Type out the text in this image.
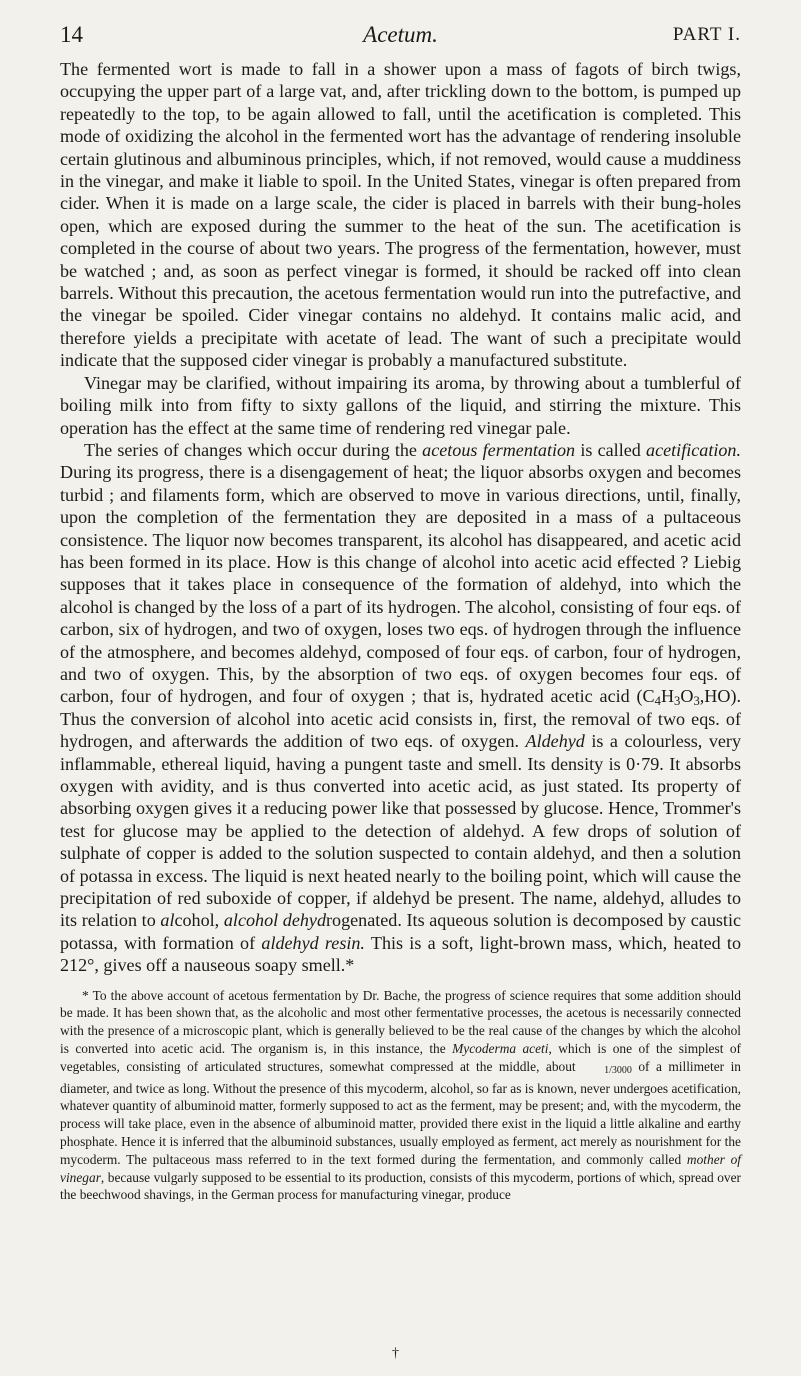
14	Acetum.	PART I.

The fermented wort is made to fall in a shower upon a mass of fagots of birch twigs, occupying the upper part of a large vat, and, after trickling down to the bottom, is pumped up repeatedly to the top, to be again allowed to fall, until the acetification is completed. This mode of oxidizing the alcohol in the fermented wort has the advantage of rendering insoluble certain glutinous and albuminous principles, which, if not removed, would cause a muddiness in the vinegar, and make it liable to spoil. In the United States, vinegar is often prepared from cider. When it is made on a large scale, the cider is placed in barrels with their bung-holes open, which are exposed during the summer to the heat of the sun. The acetification is completed in the course of about two years. The progress of the fermentation, however, must be watched ; and, as soon as perfect vinegar is formed, it should be racked off into clean barrels. Without this precaution, the acetous fermentation would run into the putrefactive, and the vinegar be spoiled. Cider vinegar contains no aldehyd. It contains malic acid, and therefore yields a precipitate with acetate of lead. The want of such a precipitate would indicate that the supposed cider vinegar is probably a manufactured substitute.

Vinegar may be clarified, without impairing its aroma, by throwing about a tumblerful of boiling milk into from fifty to sixty gallons of the liquid, and stirring the mixture. This operation has the effect at the same time of rendering red vinegar pale.

The series of changes which occur during the acetous fermentation is called acetification. During its progress, there is a disengagement of heat; the liquor absorbs oxygen and becomes turbid ; and filaments form, which are observed to move in various directions, until, finally, upon the completion of the fermentation they are deposited in a mass of a pultaceous consistence. The liquor now becomes transparent, its alcohol has disappeared, and acetic acid has been formed in its place. How is this change of alcohol into acetic acid effected ? Liebig supposes that it takes place in consequence of the formation of aldehyd, into which the alcohol is changed by the loss of a part of its hydrogen. The alcohol, consisting of four eqs. of carbon, six of hydrogen, and two of oxygen, loses two eqs. of hydrogen through the influence of the atmosphere, and becomes aldehyd, composed of four eqs. of carbon, four of hydrogen, and two of oxygen. This, by the absorption of two eqs. of oxygen becomes four eqs. of carbon, four of hydrogen, and four of oxygen ; that is, hydrated acetic acid $(C_4H_3O_3,HO)$. Thus the conversion of alcohol into acetic acid consists in, first, the removal of two eqs. of hydrogen, and afterwards the addition of two eqs. of oxygen. Aldehyd is a colourless, very inflammable, ethereal liquid, having a pungent taste and smell. Its density is 0·79. It absorbs oxygen with avidity, and is thus converted into acetic acid, as just stated. Its property of absorbing oxygen gives it a reducing power like that possessed by glucose. Hence, Trommer's test for glucose may be applied to the detection of aldehyd. A few drops of solution of sulphate of copper is added to the solution suspected to contain aldehyd, and then a solution of potassa in excess. The liquid is next heated nearly to the boiling point, which will cause the precipitation of red suboxide of copper, if aldehyd be present. The name, aldehyd, alludes to its relation to alcohol, alcohol dehydrogenated. Its aqueous solution is decomposed by caustic potassa, with formation of aldehyd resin. This is a soft, light-brown mass, which, heated to 212°, gives off a nauseous soapy smell.*

* To the above account of acetous fermentation by Dr. Bache, the progress of science requires that some addition should be made. It has been shown that, as the alcoholic and most other fermentative processes, the acetous is necessarily connected with the presence of a microscopic plant, which is generally believed to be the real cause of the changes by which the alcohol is converted into acetic acid. The organism is, in this instance, the Mycoderma aceti, which is one of the simplest of vegetables, consisting of articulated structures, somewhat compressed at the middle, about 1/3000 of a millimeter in diameter, and twice as long. Without the presence of this mycoderm, alcohol, so far as is known, never undergoes acetification, whatever quantity of albuminoid matter, formerly supposed to act as the ferment, may be present; and, with the mycoderm, the process will take place, even in the absence of albuminoid matter, provided there exist in the liquid a little alkaline and earthy phosphate. Hence it is inferred that the albuminoid substances, usually employed as ferment, act merely as nourishment for the mycoderm. The pultaceous mass referred to in the text formed during the fermentation, and commonly called mother of vinegar, because vulgarly supposed to be essential to its production, consists of this mycoderm, portions of which, spread over the beechwood shavings, in the German process for manufacturing vinegar, produce

†
